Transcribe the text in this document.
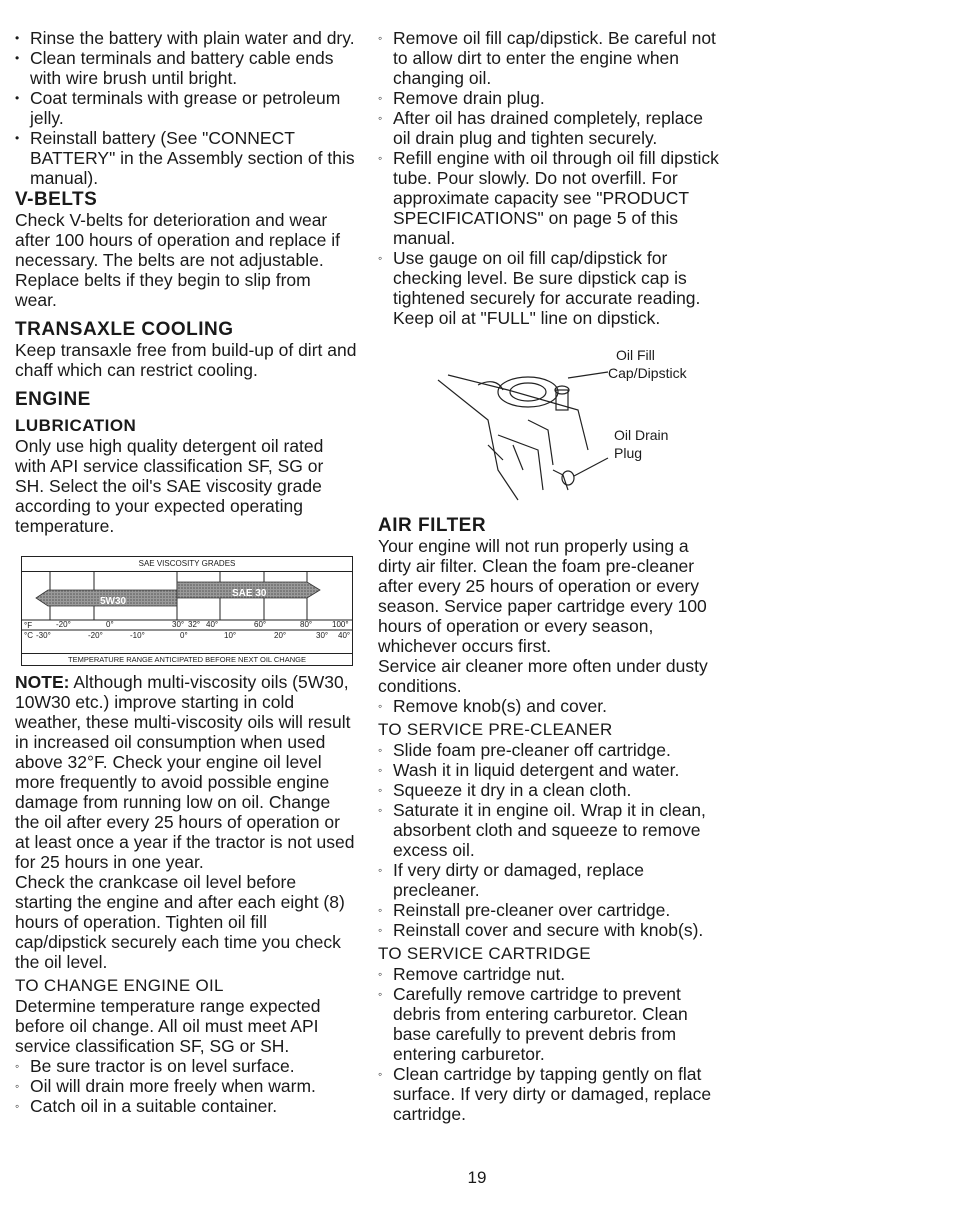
• Rinse the battery with plain water and dry.
• Clean terminals and battery cable ends with wire brush until bright.
• Coat terminals with grease or petroleum jelly.
• Reinstall battery (See "CONNECT BATTERY" in the Assembly section of this manual).
V-BELTS

Check V-belts for deterioration and wear after 100 hours of operation and replace if necessary. The belts are not adjustable. Replace belts if they begin to slip from wear.

TRANSAXLE COOLING

Keep transaxle free from build-up of dirt and chaff which can restrict cooling.

ENGINE
LUBRICATION

Only use high quality detergent oil rated with API service classification SF, SG or SH. Select the oil's SAE viscosity grade according to your expected operating temperature.

SAE VISCOSITY GRADES
5W30
SAE 30
°F
°C
-20°	0°	30° 32° 40°	60°	80° 100°
-30°	-20°	-10°	0°	10°	20°	30° 40°
TEMPERATURE RANGE ANTICIPATED BEFORE NEXT OIL CHANGE

NOTE: Although multi-viscosity oils (5W30, 10W30 etc.) improve starting in cold weather, these multi-viscosity oils will result in increased oil consumption when used above 32°F. Check your engine oil level more frequently to avoid possible engine damage from running low on oil. Change the oil after every 25 hours of operation or at least once a year if the tractor is not used for 25 hours in one year.

Check the crankcase oil level before starting the engine and after each eight (8) hours of operation. Tighten oil fill cap/dipstick securely each time you check the oil level.

TO CHANGE ENGINE OIL

Determine temperature range expected before oil change. All oil must meet API service classification SF, SG or SH.

◦ Be sure tractor is on level surface.
◦ Oil will drain more freely when warm.
◦ Catch oil in a suitable container.
◦ Remove oil fill cap/dipstick. Be careful not to allow dirt to enter the engine when changing oil.
◦ Remove drain plug.
◦ After oil has drained completely, replace oil drain plug and tighten securely.
◦ Refill engine with oil through oil fill dipstick tube. Pour slowly. Do not overfill. For approximate capacity see "PRODUCT SPECIFICATIONS" on page 5 of this manual.
◦ Use gauge on oil fill cap/dipstick for checking level. Be sure dipstick cap is tightened securely for accurate reading. Keep oil at "FULL" line on dipstick.
Oil Fill
Cap/Dipstick
Oil Drain
Plug
AIR FILTER

Your engine will not run properly using a dirty air filter. Clean the foam pre-cleaner after every 25 hours of operation or every season. Service paper cartridge every 100 hours of operation or every season, whichever occurs first.

Service air cleaner more often under dusty conditions.

◦ Remove knob(s) and cover.
TO SERVICE PRE-CLEANER
◦ Slide foam pre-cleaner off cartridge.
◦ Wash it in liquid detergent and water.
◦ Squeeze it dry in a clean cloth.
◦ Saturate it in engine oil. Wrap it in clean, absorbent cloth and squeeze to remove excess oil.
◦ If very dirty or damaged, replace precleaner.
◦ Reinstall pre-cleaner over cartridge.
◦ Reinstall cover and secure with knob(s).
TO SERVICE CARTRIDGE
◦ Remove cartridge nut.
◦ Carefully remove cartridge to prevent debris from entering carburetor. Clean base carefully to prevent debris from entering carburetor.
◦ Clean cartridge by tapping gently on flat surface. If very dirty or damaged, replace cartridge.
19
